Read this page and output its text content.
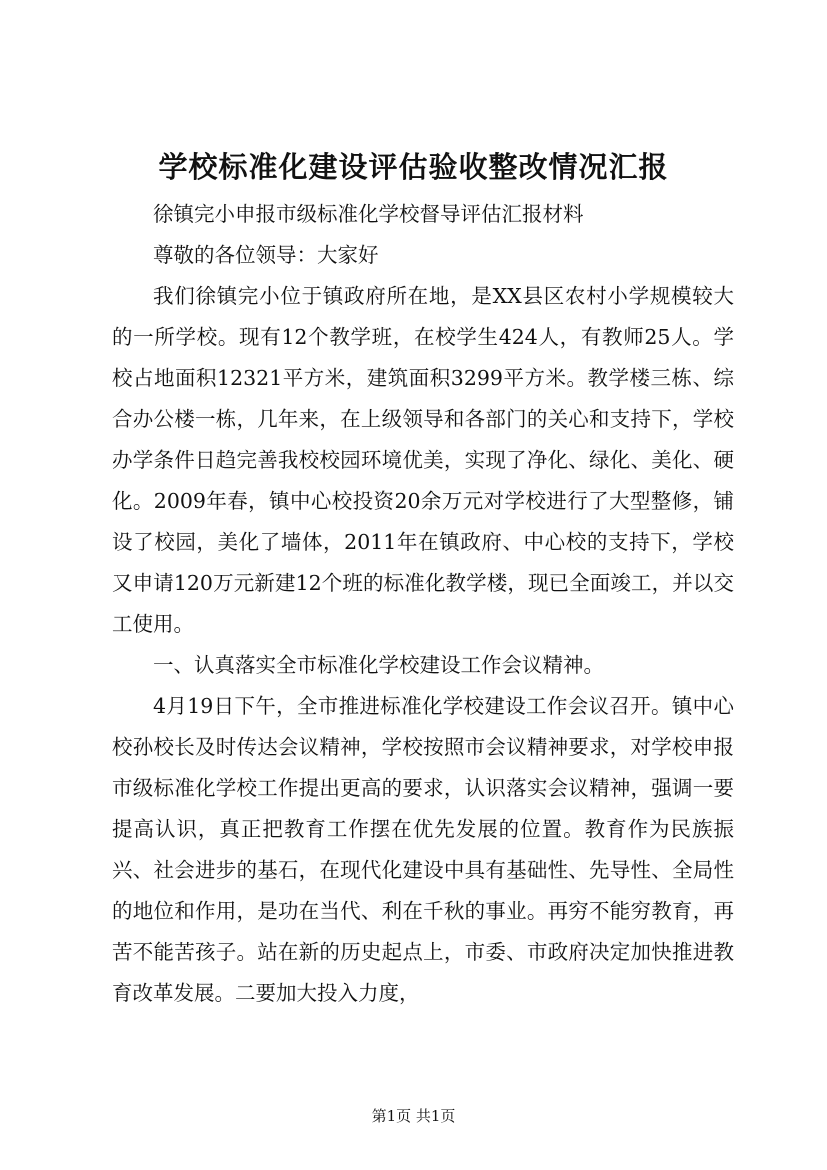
学校标准化建设评估验收整改情况汇报

徐镇完小申报市级标准化学校督导评估汇报材料

尊敬的各位领导：大家好

我们徐镇完小位于镇政府所在地，是XX县区农村小学规模较大的一所学校。现有12个教学班，在校学生424人，有教师25人。学校占地面积12321平方米，建筑面积3299平方米。教学楼三栋、综合办公楼一栋，几年来，在上级领导和各部门的关心和支持下，学校办学条件日趋完善我校校园环境优美，实现了净化、绿化、美化、硬化。2009年春，镇中心校投资20余万元对学校进行了大型整修，铺设了校园，美化了墙体，2011年在镇政府、中心校的支持下，学校又申请120万元新建12个班的标准化教学楼，现已全面竣工，并以交工使用。

一、认真落实全市标准化学校建设工作会议精神。

4月19日下午，全市推进标准化学校建设工作会议召开。镇中心校孙校长及时传达会议精神，学校按照市会议精神要求，对学校申报市级标准化学校工作提出更高的要求，认识落实会议精神，强调一要提高认识，真正把教育工作摆在优先发展的位置。教育作为民族振兴、社会进步的基石，在现代化建设中具有基础性、先导性、全局性的地位和作用，是功在当代、利在千秋的事业。再穷不能穷教育，再苦不能苦孩子。站在新的历史起点上，市委、市政府决定加快推进教育改革发展。二要加大投入力度，

第1页 共1页
